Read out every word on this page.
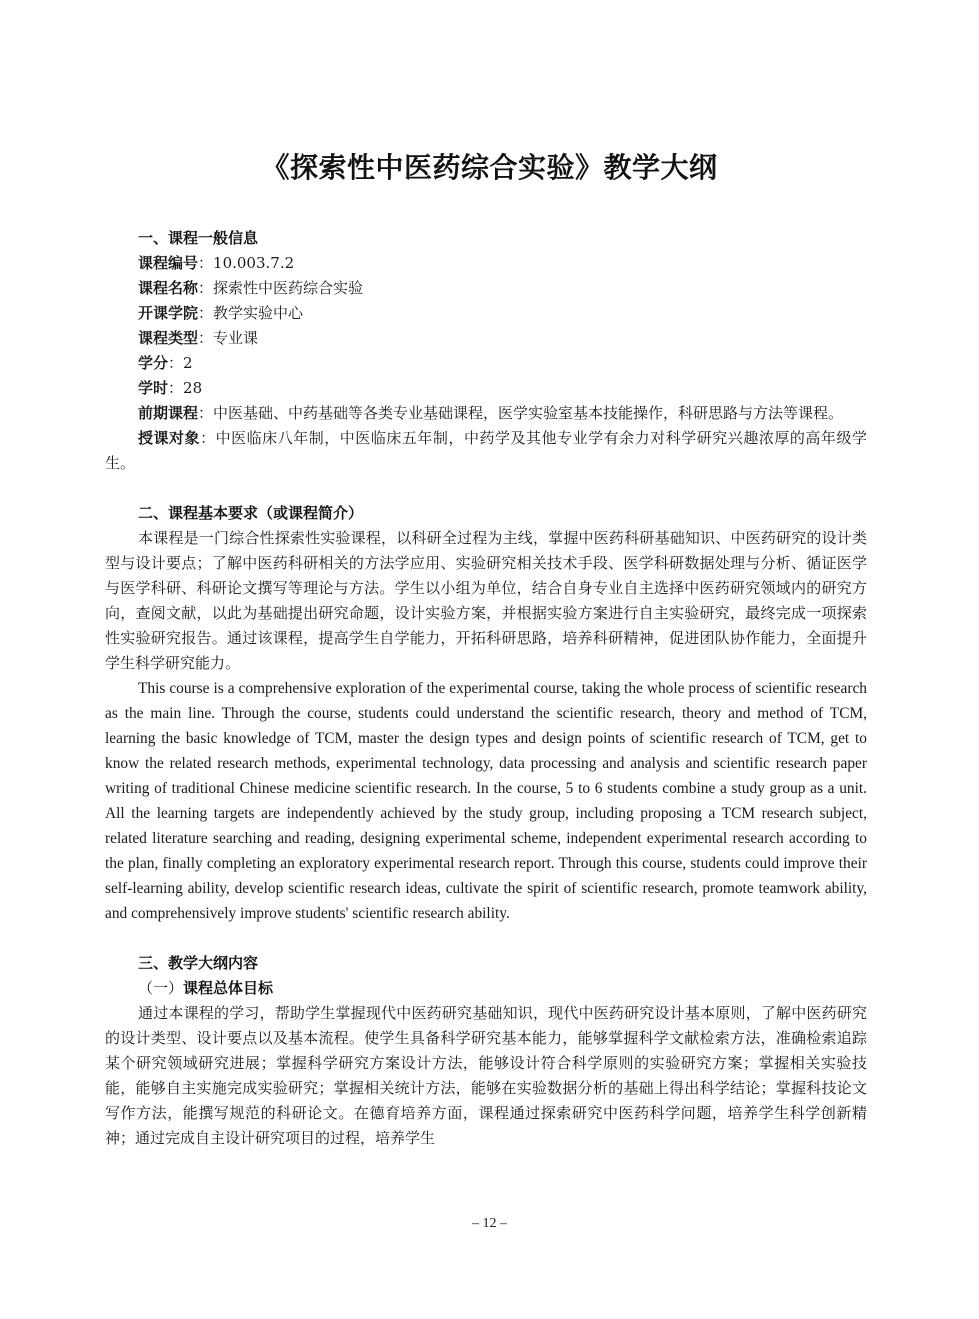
《探索性中医药综合实验》教学大纲
一、课程一般信息
课程编号：10.003.7.2
课程名称：探索性中医药综合实验
开课学院：教学实验中心
课程类型：专业课
学分：2
学时：28

前期课程：中医基础、中药基础等各类专业基础课程，医学实验室基本技能操作，科研思路与方法等课程。

授课对象：中医临床八年制，中医临床五年制，中药学及其他专业学有余力对科学研究兴趣浓厚的高年级学生。

二、课程基本要求（或课程简介）

本课程是一门综合性探索性实验课程，以科研全过程为主线，掌握中医药科研基础知识、中医药研究的设计类型与设计要点；了解中医药科研相关的方法学应用、实验研究相关技术手段、医学科研数据处理与分析、循证医学与医学科研、科研论文撰写等理论与方法。学生以小组为单位，结合自身专业自主选择中医药研究领域内的研究方向，查阅文献，以此为基础提出研究命题，设计实验方案，并根据实验方案进行自主实验研究，最终完成一项探索性实验研究报告。通过该课程，提高学生自学能力，开拓科研思路，培养科研精神，促进团队协作能力，全面提升学生科学研究能力。

This course is a comprehensive exploration of the experimental course, taking the whole process of scientific research as the main line. Through the course, students could understand the scientific research, theory and method of TCM, learning the basic knowledge of TCM, master the design types and design points of scientific research of TCM, get to know the related research methods, experimental technology, data processing and analysis and scientific research paper writing of traditional Chinese medicine scientific research. In the course, 5 to 6 students combine a study group as a unit. All the learning targets are independently achieved by the study group, including proposing a TCM research subject, related literature searching and reading, designing experimental scheme, independent experimental research according to the plan, finally completing an exploratory experimental research report. Through this course, students could improve their self-learning ability, develop scientific research ideas, cultivate the spirit of scientific research, promote teamwork ability, and comprehensively improve students' scientific research ability.

三、教学大纲内容
（一）课程总体目标

通过本课程的学习，帮助学生掌握现代中医药研究基础知识，现代中医药研究设计基本原则，了解中医药研究的设计类型、设计要点以及基本流程。使学生具备科学研究基本能力，能够掌握科学文献检索方法，准确检索追踪某个研究领域研究进展；掌握科学研究方案设计方法，能够设计符合科学原则的实验研究方案；掌握相关实验技能，能够自主实施完成实验研究；掌握相关统计方法，能够在实验数据分析的基础上得出科学结论；掌握科技论文写作方法，能撰写规范的科研论文。在德育培养方面，课程通过探索研究中医药科学问题，培养学生科学创新精神；通过完成自主设计研究项目的过程，培养学生

– 12 –
